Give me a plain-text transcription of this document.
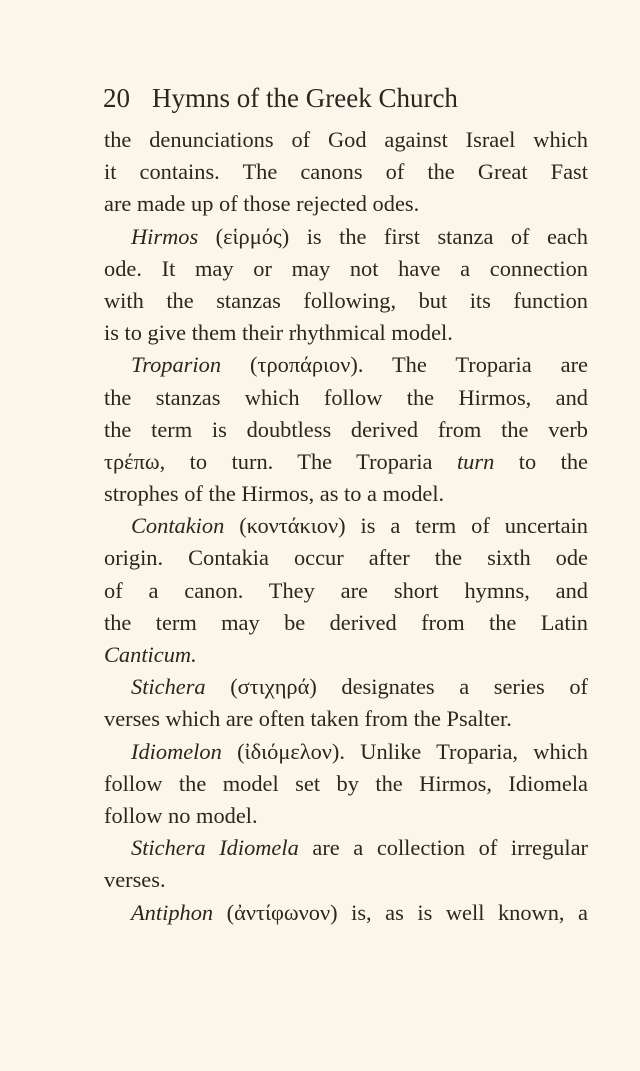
20 Hymns of the Greek Church
the denunciations of God against Israel which
it contains. The canons of the Great Fast
are made up of those rejected odes.
Hirmos (εἱρμός) is the first stanza of each
ode. It may or may not have a connection
with the stanzas following, but its function
is to give them their rhythmical model.
Troparion (τροπάριον). The Troparia are
the stanzas which follow the Hirmos, and
the term is doubtless derived from the verb
τρέπω, to turn. The Troparia turn to the
strophes of the Hirmos, as to a model.
Contakion (κοντάκιον) is a term of uncertain
origin. Contakia occur after the sixth ode
of a canon. They are short hymns, and
the term may be derived from the Latin
Canticum.
Stichera (στιχηρά) designates a series of
verses which are often taken from the Psalter.
Idiomelon (ἰδιόμελον). Unlike Troparia, which
follow the model set by the Hirmos, Idiomela
follow no model.
Stichera Idiomela are a collection of irregular
verses.
Antiphon (ἀντίφωνον) is, as is well known, a
